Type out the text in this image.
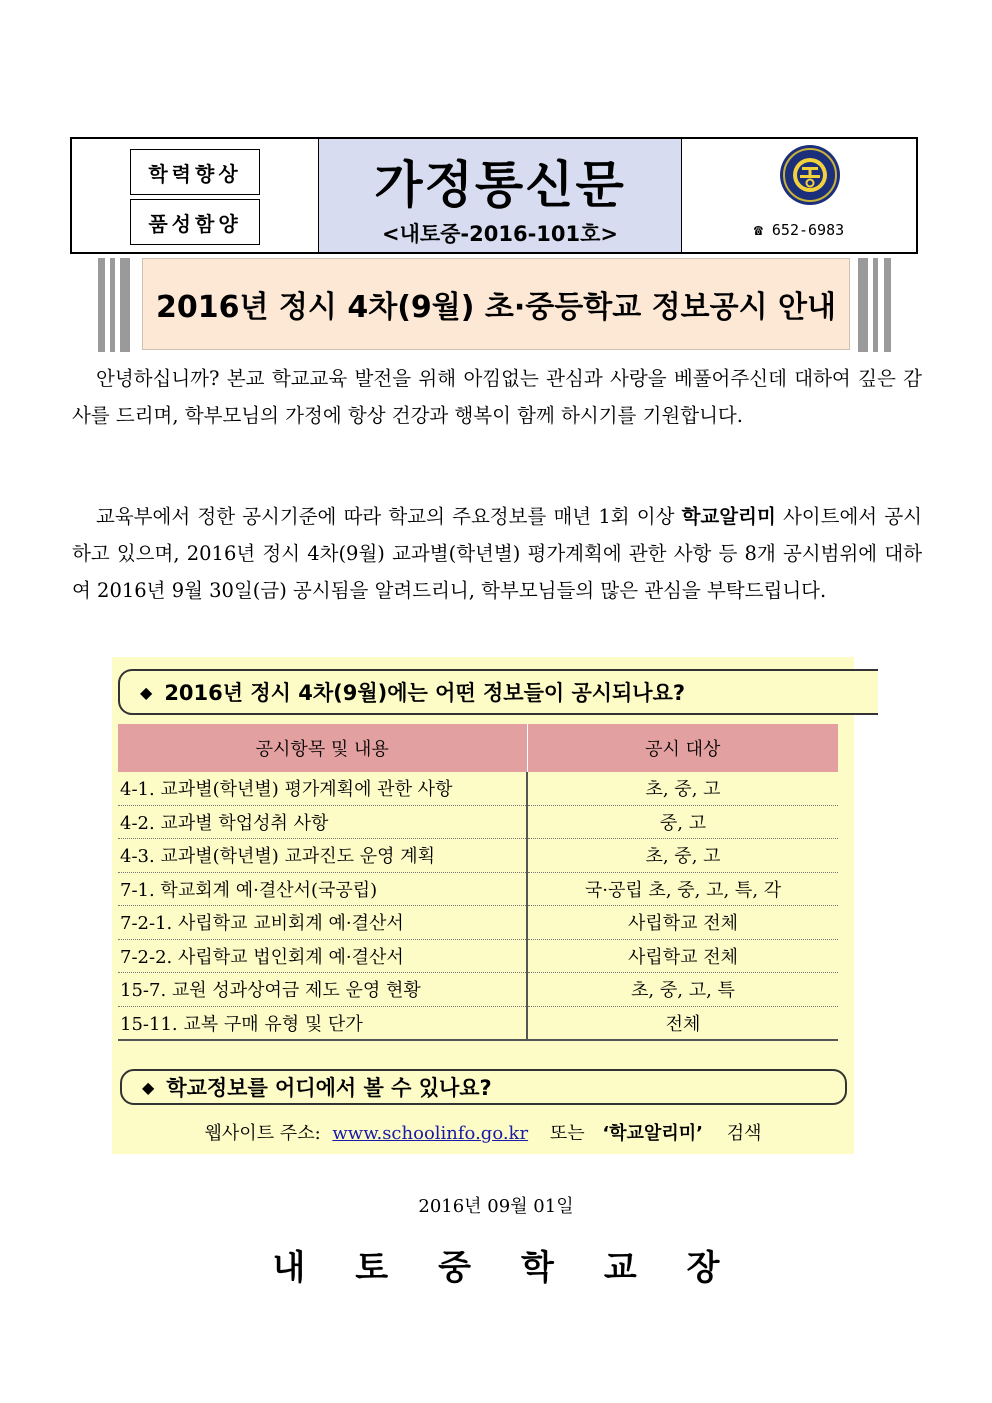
학력향상
품성함양
가정통신문
<내토중-2016-101호>	☎ 652-6983
2016년 정시 4차(9월) 초·중등학교 정보공시 안내

안녕하십니까? 본교 학교교육 발전을 위해 아낌없는 관심과 사랑을 베풀어주신데 대하여 깊은 감사를 드리며, 학부모님의 가정에 항상 건강과 행복이 함께 하시기를 기원합니다.

교육부에서 정한 공시기준에 따라 학교의 주요정보를 매년 1회 이상 학교알리미 사이트에서 공시하고 있으며, 2016년 정시 4차(9월) 교과별(학년별) 평가계획에 관한 사항 등 8개 공시범위에 대하여 2016년 9월 30일(금) 공시됨을 알려드리니, 학부모님들의 많은 관심을 부탁드립니다.

◆ 2016년 정시 4차(9월)에는 어떤 정보들이 공시되나요?
공시항목 및 내용	공시 대상
4-1. 교과별(학년별) 평가계획에 관한 사항	초, 중, 고
4-2. 교과별 학업성취 사항	중, 고
4-3. 교과별(학년별) 교과진도 운영 계획	초, 중, 고
7-1. 학교회계 예·결산서(국공립)	국·공립 초, 중, 고, 특, 각
7-2-1. 사립학교 교비회계 예·결산서	사립학교 전체
7-2-2. 사립학교 법인회계 예·결산서	사립학교 전체
15-7. 교원 성과상여금 제도 운영 현황	초, 중, 고, 특
15-11. 교복 구매 유형 및 단가	전체
◆ 학교정보를 어디에서 볼 수 있나요?
웹사이트 주소: www.schoolinfo.go.kr 또는 ‘학교알리미’ 검색
2016년 09월 01일
내토중학교장
